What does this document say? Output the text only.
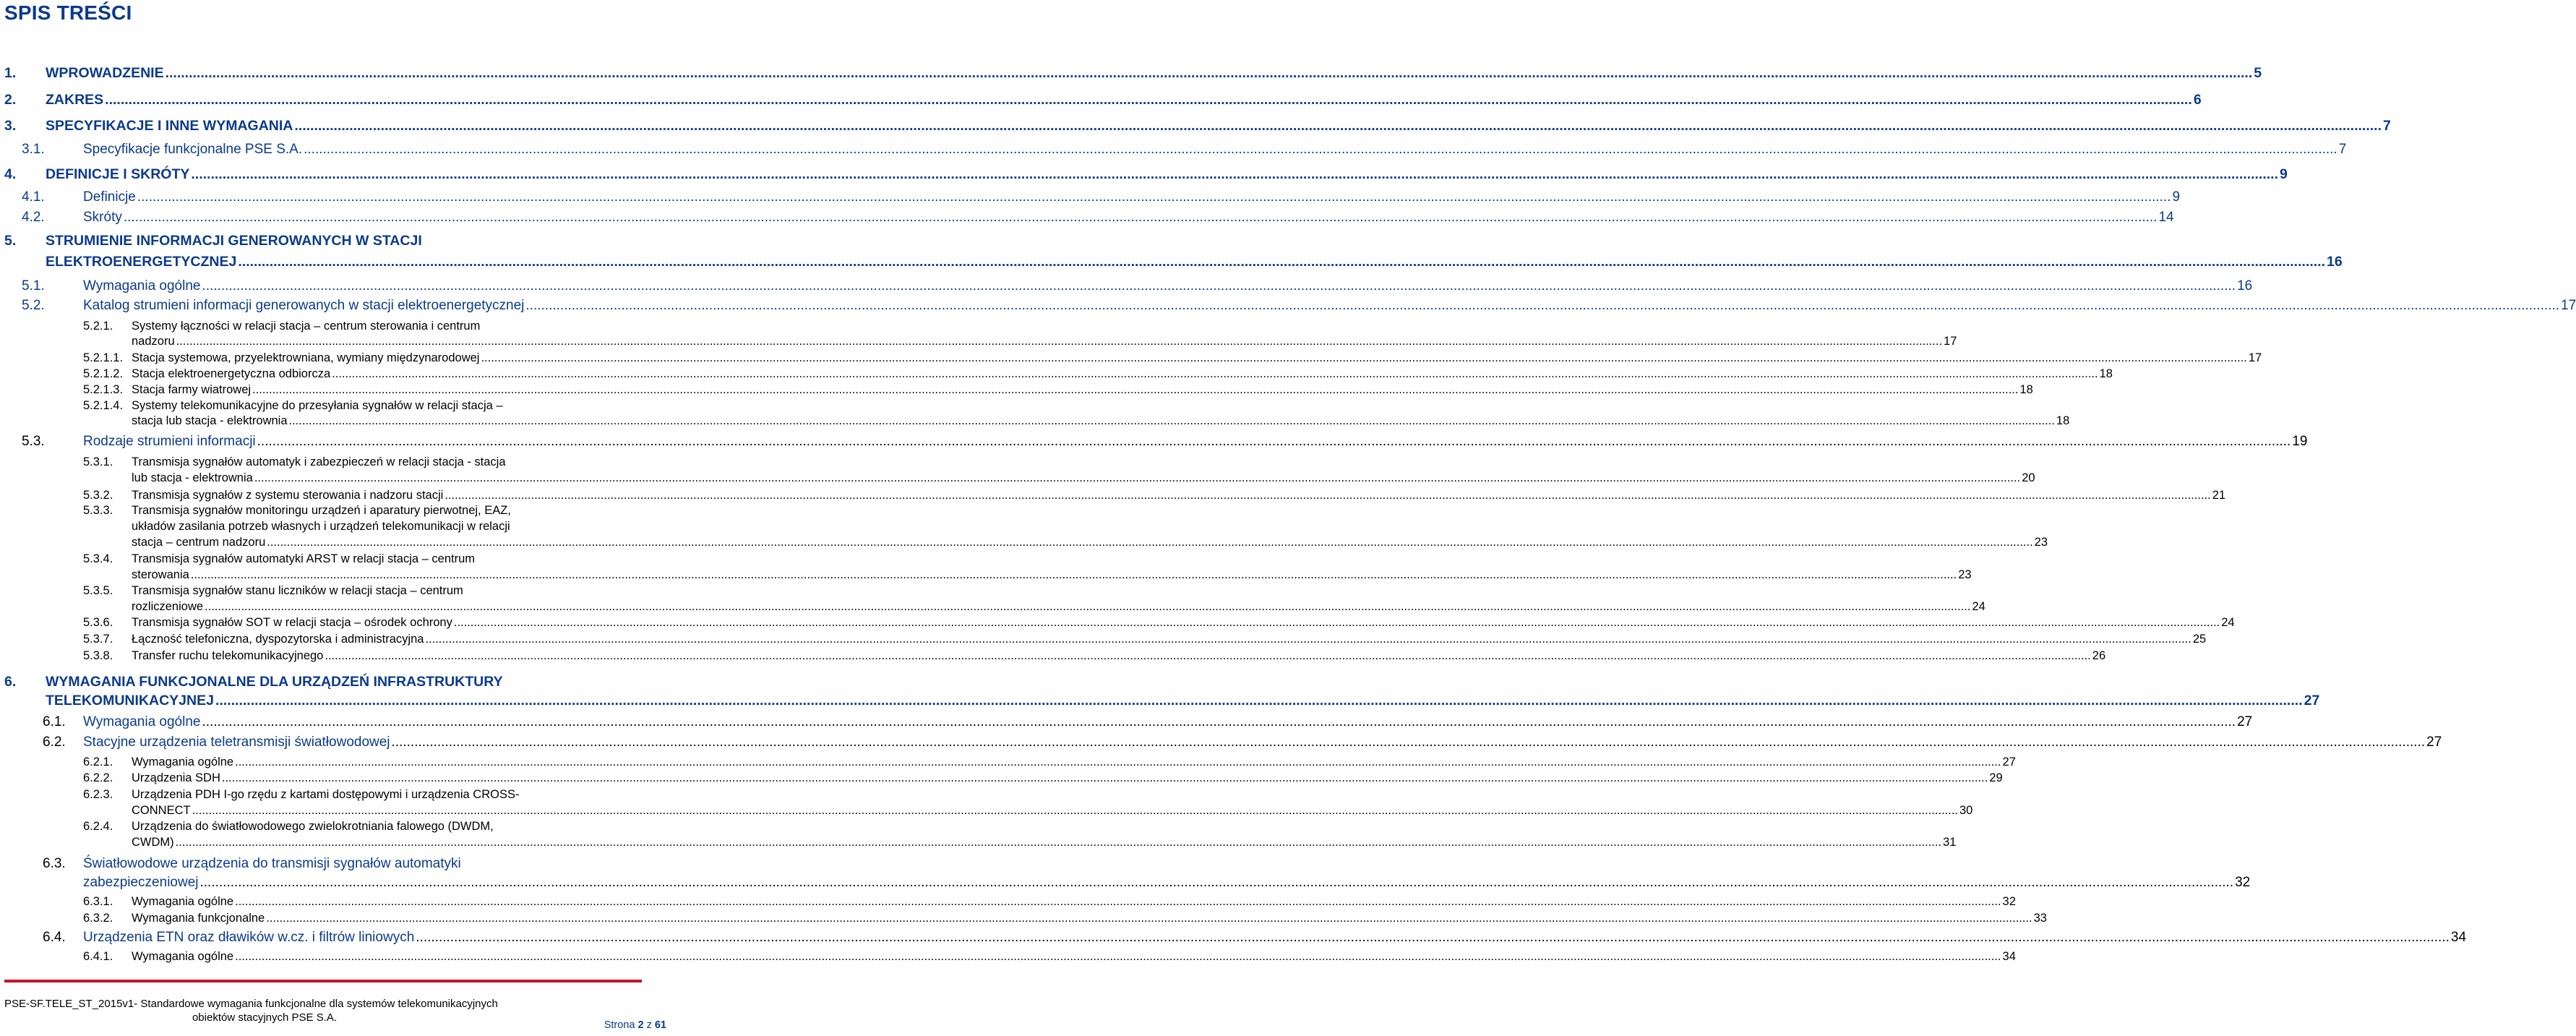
SPIS TREŚCI
1. WPROWADZENIE .....	5
2. ZAKRES .....	6
3. SPECYFIKACJE I INNE WYMAGANIA .....	7
3.1.	Specyfikacje funkcjonalne PSE S.A. .....	7
4. DEFINICJE I SKRÓTY .....	9
4.1.	Definicje .....	9
4.2.	Skróty .....	14
5. STRUMIENIE INFORMACJI GENEROWANYCH W STACJI
ELEKTROENERGETYCZNEJ .....	16
5.1.	Wymagania ogólne .....	16
5.2.	Katalog strumieni informacji generowanych w stacji elektroenergetycznej .....	17
5.2.1. Systemy łączności w relacji stacja – centrum sterowania i centrum
nadzoru .....	17
5.2.1.1. Stacja systemowa, przyelektrowniana, wymiany międzynarodowej .....	17
5.2.1.2. Stacja elektroenergetyczna odbiorcza .....	18
5.2.1.3. Stacja farmy wiatrowej .....	18
5.2.1.4. Systemy telekomunikacyjne do przesyłania sygnałów w relacji stacja –
stacja lub stacja - elektrownia .....	18
5.3.	Rodzaje strumieni informacji .....	19
5.3.1. Transmisja sygnałów automatyk i zabezpieczeń w relacji stacja - stacja
lub stacja - elektrownia .....	20
5.3.2. Transmisja sygnałów z systemu sterowania i nadzoru stacji .....	21
5.3.3. Transmisja sygnałów monitoringu urządzeń i aparatury pierwotnej, EAZ,
układów zasilania potrzeb własnych i urządzeń telekomunikacji w relacji
stacja – centrum nadzoru .....	23
5.3.4. Transmisja sygnałów automatyki ARST w relacji stacja – centrum
sterowania .....	23
5.3.5. Transmisja sygnałów stanu liczników w relacji stacja – centrum
rozliczeniowe .....	24
5.3.6. Transmisja sygnałów SOT w relacji stacja – ośrodek ochrony .....	24
5.3.7. Łączność telefoniczna, dyspozytorska i administracyjna .....	25
5.3.8. Transfer ruchu telekomunikacyjnego .....	26
6. WYMAGANIA FUNKCJONALNE DLA URZĄDZEŃ INFRASTRUKTURY
TELEKOMUNIKACYJNEJ .....	27
6.1. Wymagania ogólne .....	27
6.2. Stacyjne urządzenia teletransmisji światłowodowej .....	27
6.2.1. Wymagania ogólne .....	27
6.2.2. Urządzenia SDH .....	29
6.2.3. Urządzenia PDH I-go rzędu z kartami dostępowymi i urządzenia CROSS-
CONNECT .....	30
6.2.4. Urządzenia do światłowodowego zwielokrotniania falowego (DWDM,
CWDM) .....	31
6.3. Światłowodowe urządzenia do transmisji sygnałów automatyki
zabezpieczeniowej .....	32
6.3.1. Wymagania ogólne .....	32
6.3.2. Wymagania funkcjonalne .....	33
6.4. Urządzenia ETN oraz dławików w.cz. i filtrów liniowych .....	34
6.4.1. Wymagania ogólne .....	34
PSE-SF.TELE_ST_2015v1- Standardowe wymagania funkcjonalne dla systemów telekomunikacyjnych
obiektów stacyjnych PSE S.A.
Strona 2 z 61
